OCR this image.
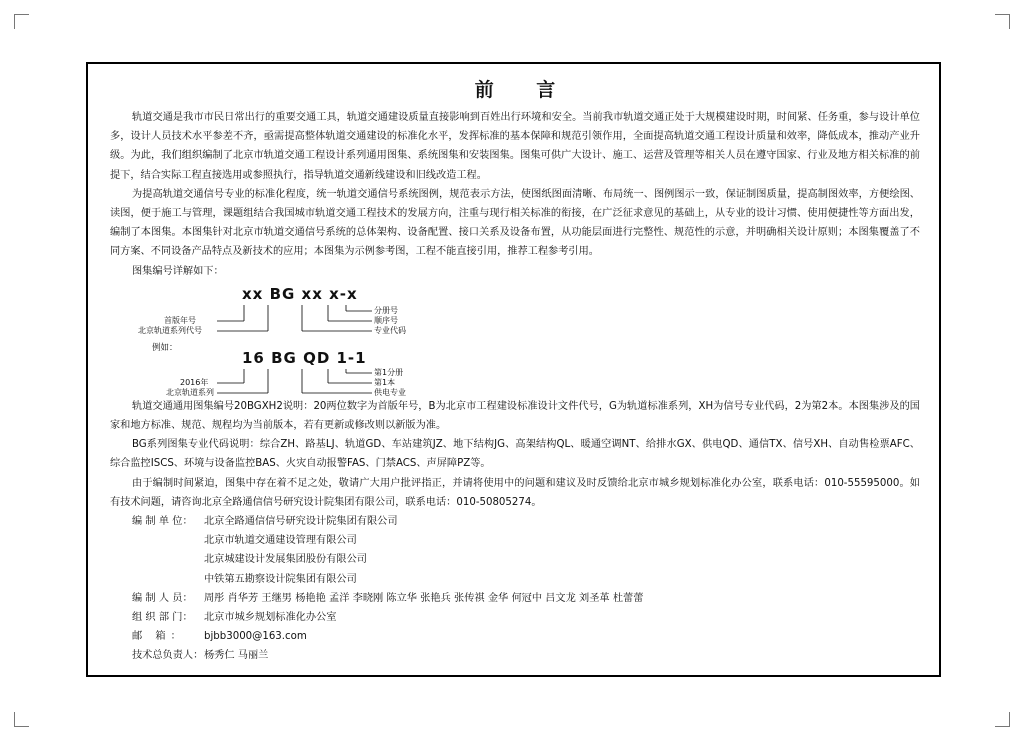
前 言

轨道交通是我市市民日常出行的重要交通工具，轨道交通建设质量直接影响到百姓出行环境和安全。当前我市轨道交通正处于大规模建设时期，时间紧、任务重，参与设计单位多，设计人员技术水平参差不齐，亟需提高整体轨道交通建设的标准化水平，发挥标准的基本保障和规范引领作用，全面提高轨道交通工程设计质量和效率，降低成本，推动产业升级。为此，我们组织编制了北京市轨道交通工程设计系列通用图集、系统图集和安装图集。图集可供广大设计、施工、运营及管理等相关人员在遵守国家、行业及地方相关标准的前提下，结合实际工程直接选用或参照执行，指导轨道交通新线建设和旧线改造工程。

为提高轨道交通信号专业的标准化程度，统一轨道交通信号系统图例，规范表示方法，使图纸图面清晰、布局统一、图例图示一致，保证制图质量，提高制图效率，方便绘图、读图，便于施工与管理，课题组结合我国城市轨道交通工程技术的发展方向，注重与现行相关标准的衔接，在广泛征求意见的基础上，从专业的设计习惯、使用便捷性等方面出发，编制了本图集。本图集针对北京市轨道交通信号系统的总体架构、设备配置、接口关系及设备布置，从功能层面进行完整性、规范性的示意，并明确相关设计原则；本图集覆盖了不同方案、不同设备产品特点及新技术的应用；本图集为示例参考图，工程不能直接引用，推荐工程参考引用。

图集编号详解如下：

xx BG xx x-x
首版年号
北京轨道系列代号
分册号
顺序号
专业代码
例如：
16 BG QD 1-1
2016年
北京轨道系列
第1分册
第1本
供电专业

轨道交通通用图集编号20BGXH2说明：20两位数字为首版年号，B为北京市工程建设标准设计文件代号，G为轨道标准系列，XH为信号专业代码，2为第2本。本图集涉及的国家和地方标准、规范、规程均为当前版本，若有更新或修改则以新版为准。

BG系列图集专业代码说明：综合ZH、路基LJ、轨道GD、车站建筑JZ、地下结构JG、高架结构QL、暖通空调NT、给排水GX、供电QD、通信TX、信号XH、自动售检票AFC、综合监控ISCS、环境与设备监控BAS、火灾自动报警FAS、门禁ACS、声屏障PZ等。

由于编制时间紧迫，图集中存在着不足之处，敬请广大用户批评指正，并请将使用中的问题和建议及时反馈给北京市城乡规划标准化办公室，联系电话：010-55595000。如有技术问题，请咨询北京全路通信信号研究设计院集团有限公司，联系电话：010-50805274。

编 制 单 位：	北京全路通信信号研究设计院集团有限公司
北京市轨道交通建设管理有限公司
北京城建设计发展集团股份有限公司
中铁第五勘察设计院集团有限公司
编 制 人 员：	周彤 肖华芳 王继男 杨艳艳 孟洋 李晓刚 陈立华 张艳兵 张传祺 金华 何冠中 吕文龙 刘圣革 杜蕾蕾
组 织 部 门：	北京市城乡规划标准化办公室
邮 箱：	bjbb3000@163.com
技术总负责人： 杨秀仁 马丽兰
